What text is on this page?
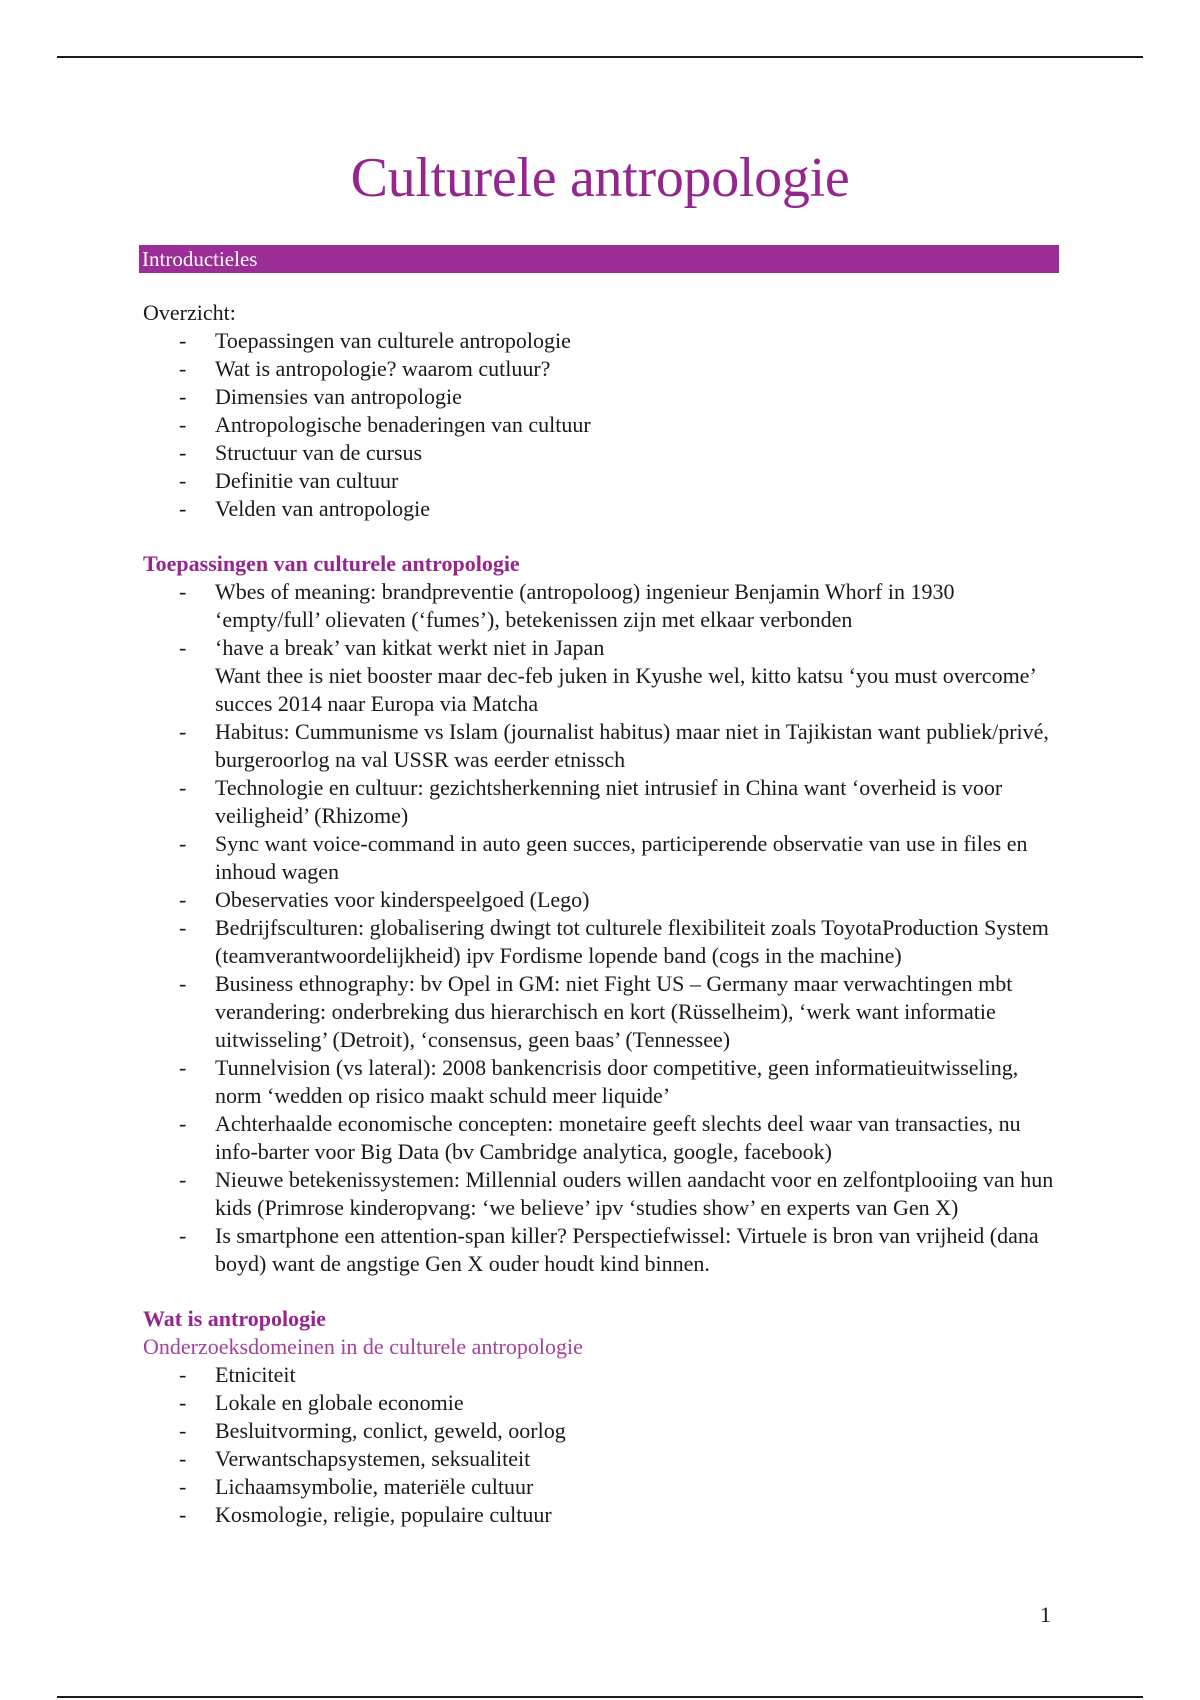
Culturele antropologie
Introductieles

Overzicht:

- Toepassingen van culturele antropologie
- Wat is antropologie? waarom cutluur?
- Dimensies van antropologie
- Antropologische benaderingen van cultuur
- Structuur van de cursus
- Definitie van cultuur
- Velden van antropologie

Toepassingen van culturele antropologie

- Wbes of meaning: brandpreventie (antropoloog) ingenieur Benjamin Whorf in 1930 ‘empty/full’ olievaten (‘fumes’), betekenissen zijn met elkaar verbonden
- ‘have a break’ van kitkat werkt niet in Japan
Want thee is niet booster maar dec-feb juken in Kyushe wel, kitto katsu ‘you must overcome’ succes 2014 naar Europa via Matcha
- Habitus: Cummunisme vs Islam (journalist habitus) maar niet in Tajikistan want publiek/privé, burgeroorlog na val USSR was eerder etnissch
- Technologie en cultuur: gezichtsherkenning niet intrusief in China want ‘overheid is voor veiligheid’ (Rhizome)
- Sync want voice-command in auto geen succes, participerende observatie van use in files en inhoud wagen
- Obeservaties voor kinderspeelgoed (Lego)
- Bedrijfsculturen: globalisering dwingt tot culturele flexibiliteit zoals ToyotaProduction System (teamverantwoordelijkheid) ipv Fordisme lopende band (cogs in the machine)
- Business ethnography: bv Opel in GM: niet Fight US – Germany maar verwachtingen mbt verandering: onderbreking dus hierarchisch en kort (Rüsselheim), ‘werk want informatie uitwisseling’ (Detroit), ‘consensus, geen baas’ (Tennessee)
- Tunnelvision (vs lateral): 2008 bankencrisis door competitive, geen informatieuitwisseling, norm ‘wedden op risico maakt schuld meer liquide’
- Achterhaalde economische concepten: monetaire geeft slechts deel waar van transacties, nu info-barter voor Big Data (bv Cambridge analytica, google, facebook)
- Nieuwe betekenissystemen: Millennial ouders willen aandacht voor en zelfontplooiing van hun kids (Primrose kinderopvang: ‘we believe’ ipv ‘studies show’ en experts van Gen X)
- Is smartphone een attention-span killer? Perspectiefwissel: Virtuele is bron van vrijheid (dana boyd) want de angstige Gen X ouder houdt kind binnen.

Wat is antropologie

Onderzoeksdomeinen in de culturele antropologie

- Etniciteit
- Lokale en globale economie
- Besluitvorming, conlict, geweld, oorlog
- Verwantschapsystemen, seksualiteit
- Lichaamsymbolie, materiële cultuur
- Kosmologie, religie, populaire cultuur
1
